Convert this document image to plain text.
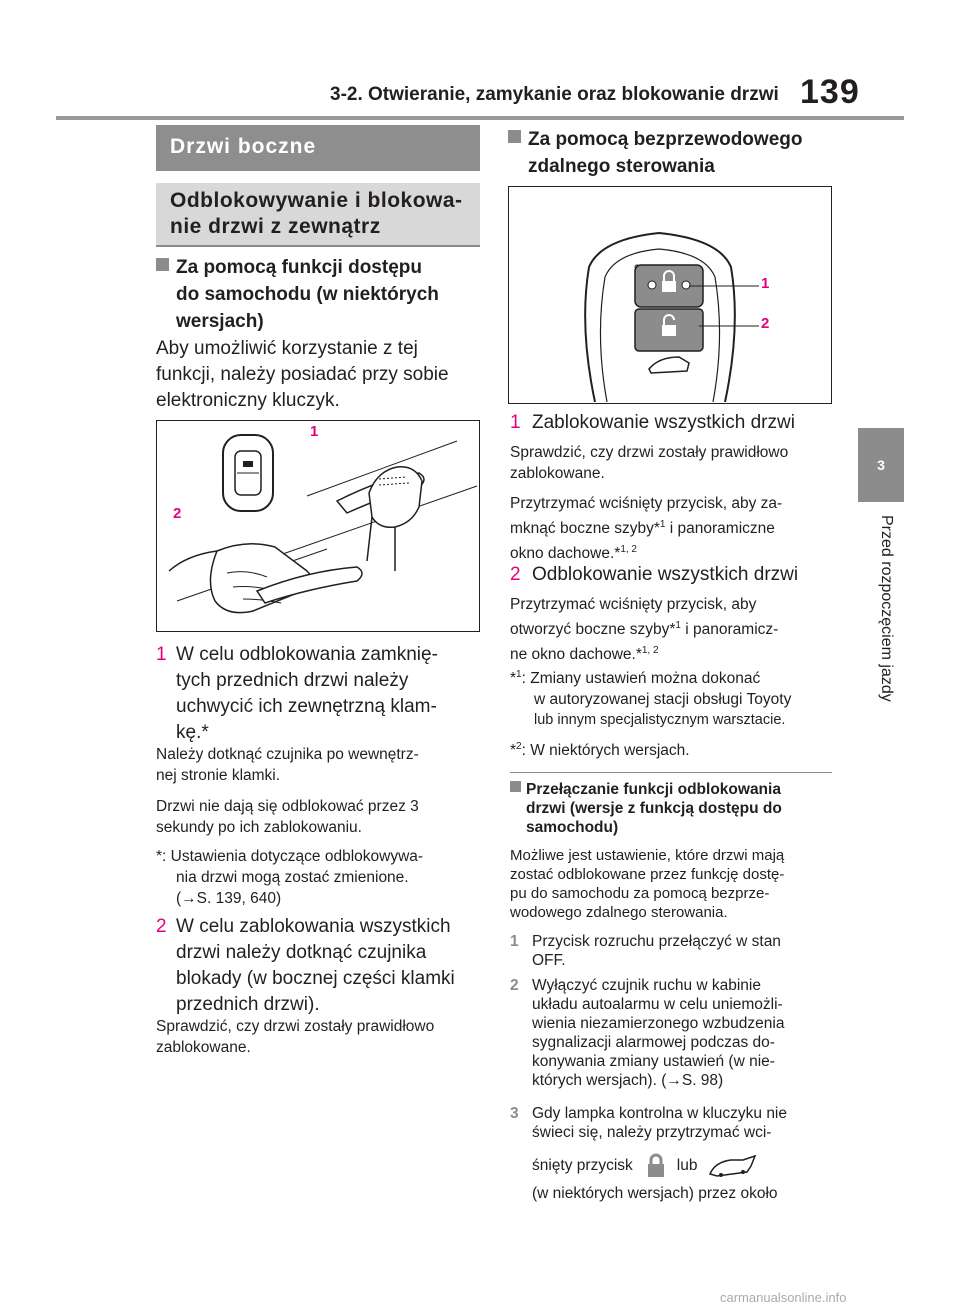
3-2. Otwieranie, zamykanie oraz blokowanie drzwi 139
3
Przed rozpoczęciem jazdy
Drzwi boczne
Odblokowywanie i blokowa-
nie drzwi z zewnątrz
Za pomocą funkcji dostępu
do samochodu (w niektórych
wersjach)
Aby umożliwić korzystanie z tej
funkcji, należy posiadać przy sobie
elektroniczny kluczyk.
1
2
1 W celu odblokowania zamknię-
tych przednich drzwi należy
uchwycić ich zewnętrzną klam-
kę.*
Należy dotknąć czujnika po wewnętrz-
nej stronie klamki.
Drzwi nie dają się odblokować przez 3
sekundy po ich zablokowaniu.
*: Ustawienia dotyczące odblokowywa-
nia drzwi mogą zostać zmienione.
(→S. 139, 640)
2 W celu zablokowania wszystkich
drzwi należy dotknąć czujnika
blokady (w bocznej części klamki
przednich drzwi).
Sprawdzić, czy drzwi zostały prawidłowo
zablokowane.
Za pomocą bezprzewodowego
zdalnego sterowania
1
2
1 Zablokowanie wszystkich drzwi
Sprawdzić, czy drzwi zostały prawidłowo
zablokowane.
Przytrzymać wciśnięty przycisk, aby za-
mknąć boczne szyby*$^1$ i panoramiczne
okno dachowe.*$^{1, 2}$
2 Odblokowanie wszystkich drzwi
Przytrzymać wciśnięty przycisk, aby
otworzyć boczne szyby*$^1$ i panoramicz-
ne okno dachowe.*$^{1, 2}$
*$^1$: Zmiany ustawień można dokonać
w autoryzowanej stacji obsługi Toyoty
lub innym specjalistycznym warsztacie.
*$^2$: W niektórych wersjach.
Przełączanie funkcji odblokowania
drzwi (wersje z funkcją dostępu do
samochodu)
Możliwe jest ustawienie, które drzwi mają
zostać odblokowane przez funkcję dostę-
pu do samochodu za pomocą bezprze-
wodowego zdalnego sterowania.
1 Przycisk rozruchu przełączyć w stan
OFF.
2 Wyłączyć czujnik ruchu w kabinie
układu autoalarmu w celu uniemożli-
wienia niezamierzonego wzbudzenia
sygnalizacji alarmowej podczas do-
konywania zmiany ustawień (w nie-
których wersjach). (→S. 98)
3 Gdy lampka kontrolna w kluczyku nie
świeci się, należy przytrzymać wci-
śnięty przycisk	lub
(w niektórych wersjach) przez około
carmanualsonline.info
